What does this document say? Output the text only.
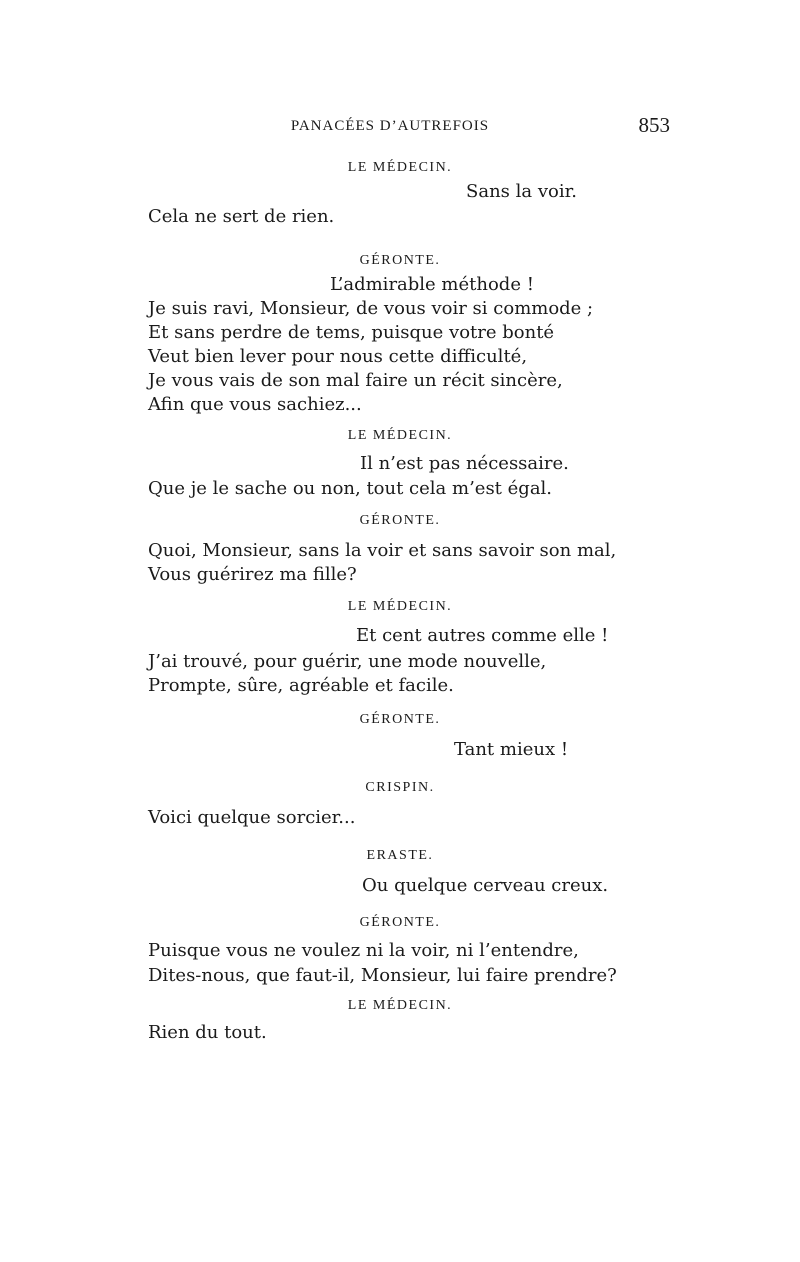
PANACÉES D’AUTREFOIS	853
LE MÉDECIN.
Sans la voir.
Cela ne sert de rien.
GÉRONTE.
L’admirable méthode !
Je suis ravi, Monsieur, de vous voir si commode ;
Et sans perdre de tems, puisque votre bonté
Veut bien lever pour nous cette difficulté,
Je vous vais de son mal faire un récit sincère,
Afin que vous sachiez...
LE MÉDECIN.
Il n’est pas nécessaire.
Que je le sache ou non, tout cela m’est égal.
GÉRONTE.
Quoi, Monsieur, sans la voir et sans savoir son mal,
Vous guérirez ma fille?
LE MÉDECIN.
Et cent autres comme elle !
J’ai trouvé, pour guérir, une mode nouvelle,
Prompte, sûre, agréable et facile.
GÉRONTE.
Tant mieux !
CRISPIN.
Voici quelque sorcier...
ERASTE.
Ou quelque cerveau creux.
GÉRONTE.
Puisque vous ne voulez ni la voir, ni l’entendre,
Dites-nous, que faut-il, Monsieur, lui faire prendre?
LE MÉDECIN.
Rien du tout.
